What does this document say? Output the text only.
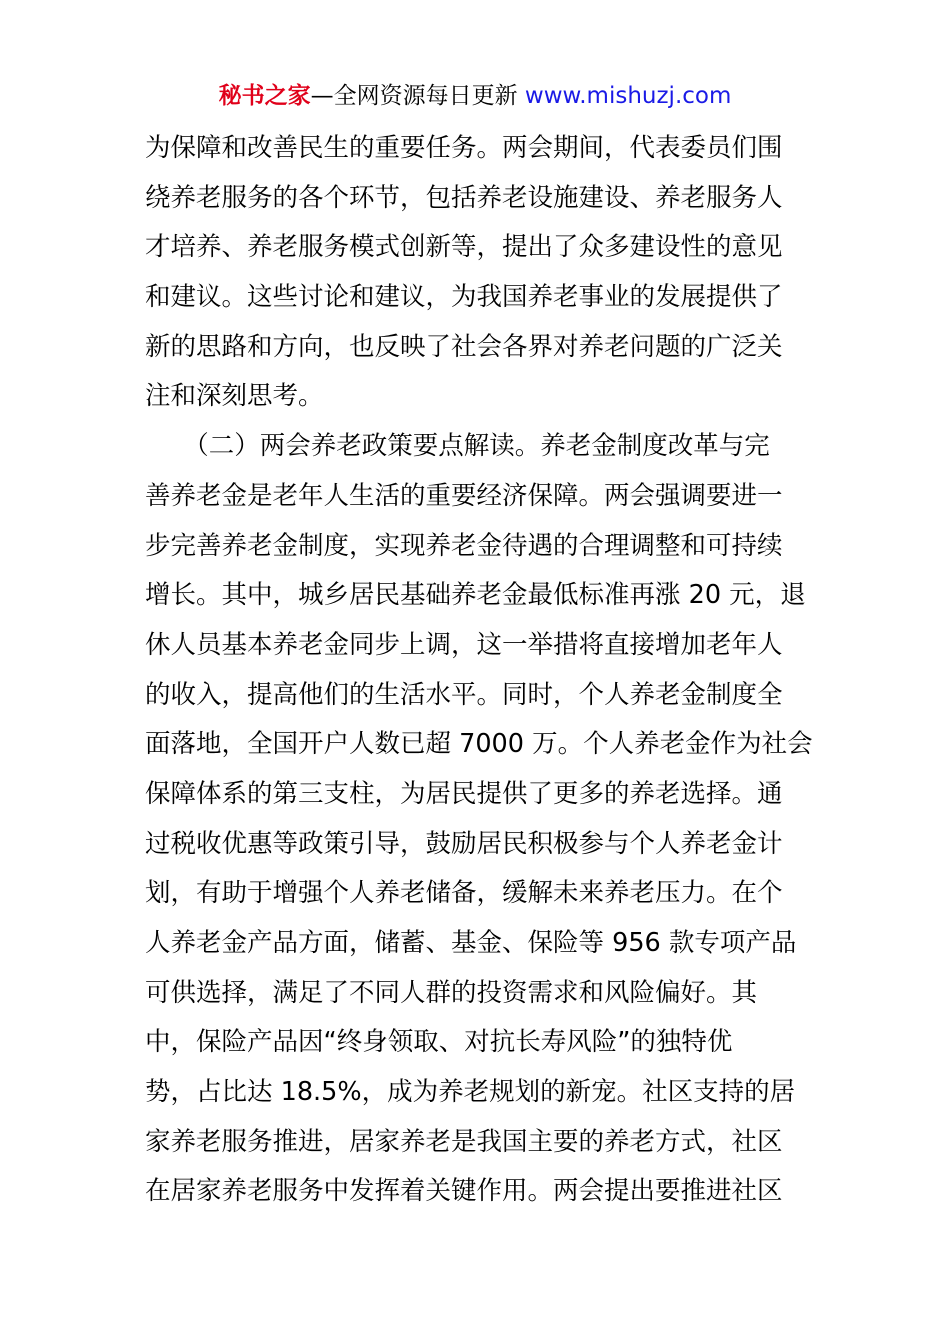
秘书之家—全网资源每日更新 www.mishuzj.com
为保障和改善民生的重要任务。两会期间，代表委员们围
绕养老服务的各个环节，包括养老设施建设、养老服务人
才培养、养老服务模式创新等，提出了众多建设性的意见
和建议。这些讨论和建议，为我国养老事业的发展提供了
新的思路和方向，也反映了社会各界对养老问题的广泛关
注和深刻思考。
　　（二）两会养老政策要点解读。养老金制度改革与完
善养老金是老年人生活的重要经济保障。两会强调要进一
步完善养老金制度，实现养老金待遇的合理调整和可持续
增长。其中，城乡居民基础养老金最低标准再涨 20 元，退
休人员基本养老金同步上调，这一举措将直接增加老年人
的收入，提高他们的生活水平。同时，个人养老金制度全
面落地，全国开户人数已超 7000 万。个人养老金作为社会
保障体系的第三支柱，为居民提供了更多的养老选择。通
过税收优惠等政策引导，鼓励居民积极参与个人养老金计
划，有助于增强个人养老储备，缓解未来养老压力。在个
人养老金产品方面，储蓄、基金、保险等 956 款专项产品
可供选择，满足了不同人群的投资需求和风险偏好。其
中，保险产品因“终身领取、对抗长寿风险”的独特优
势，占比达 18.5%，成为养老规划的新宠。社区支持的居
家养老服务推进，居家养老是我国主要的养老方式，社区
在居家养老服务中发挥着关键作用。两会提出要推进社区
